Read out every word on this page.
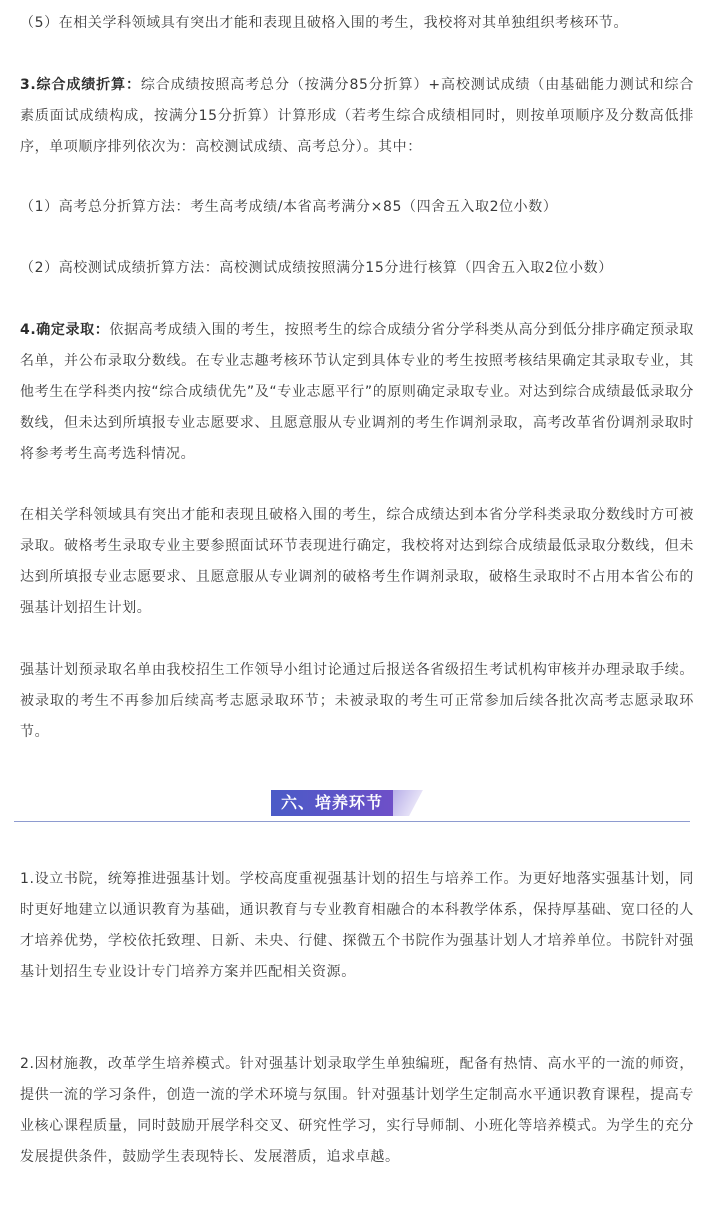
（5）在相关学科领域具有突出才能和表现且破格入围的考生，我校将对其单独组织考核环节。

3.综合成绩折算：综合成绩按照高考总分（按满分85分折算）+高校测试成绩（由基础能力测试和综合素质面试成绩构成，按满分15分折算）计算形成（若考生综合成绩相同时，则按单项顺序及分数高低排序，单项顺序排列依次为：高校测试成绩、高考总分）。其中：

（1）高考总分折算方法：考生高考成绩/本省高考满分×85（四舍五入取2位小数）

（2）高校测试成绩折算方法：高校测试成绩按照满分15分进行核算（四舍五入取2位小数）

4.确定录取：依据高考成绩入围的考生，按照考生的综合成绩分省分学科类从高分到低分排序确定预录取名单，并公布录取分数线。在专业志趣考核环节认定到具体专业的考生按照考核结果确定其录取专业，其他考生在学科类内按“综合成绩优先”及“专业志愿平行”的原则确定录取专业。对达到综合成绩最低录取分数线，但未达到所填报专业志愿要求、且愿意服从专业调剂的考生作调剂录取，高考改革省份调剂录取时将参考考生高考选科情况。

在相关学科领域具有突出才能和表现且破格入围的考生，综合成绩达到本省分学科类录取分数线时方可被录取。破格考生录取专业主要参照面试环节表现进行确定，我校将对达到综合成绩最低录取分数线，但未达到所填报专业志愿要求、且愿意服从专业调剂的破格考生作调剂录取，破格生录取时不占用本省公布的强基计划招生计划。

强基计划预录取名单由我校招生工作领导小组讨论通过后报送各省级招生考试机构审核并办理录取手续。被录取的考生不再参加后续高考志愿录取环节；未被录取的考生可正常参加后续各批次高考志愿录取环节。

六、培养环节

1.设立书院，统筹推进强基计划。学校高度重视强基计划的招生与培养工作。为更好地落实强基计划，同时更好地建立以通识教育为基础，通识教育与专业教育相融合的本科教学体系，保持厚基础、宽口径的人才培养优势，学校依托致理、日新、未央、行健、探微五个书院作为强基计划人才培养单位。书院针对强基计划招生专业设计专门培养方案并匹配相关资源。

2.因材施教，改革学生培养模式。针对强基计划录取学生单独编班，配备有热情、高水平的一流的师资，提供一流的学习条件，创造一流的学术环境与氛围。针对强基计划学生定制高水平通识教育课程，提高专业核心课程质量，同时鼓励开展学科交叉、研究性学习，实行导师制、小班化等培养模式。为学生的充分发展提供条件，鼓励学生表现特长、发展潜质，追求卓越。
